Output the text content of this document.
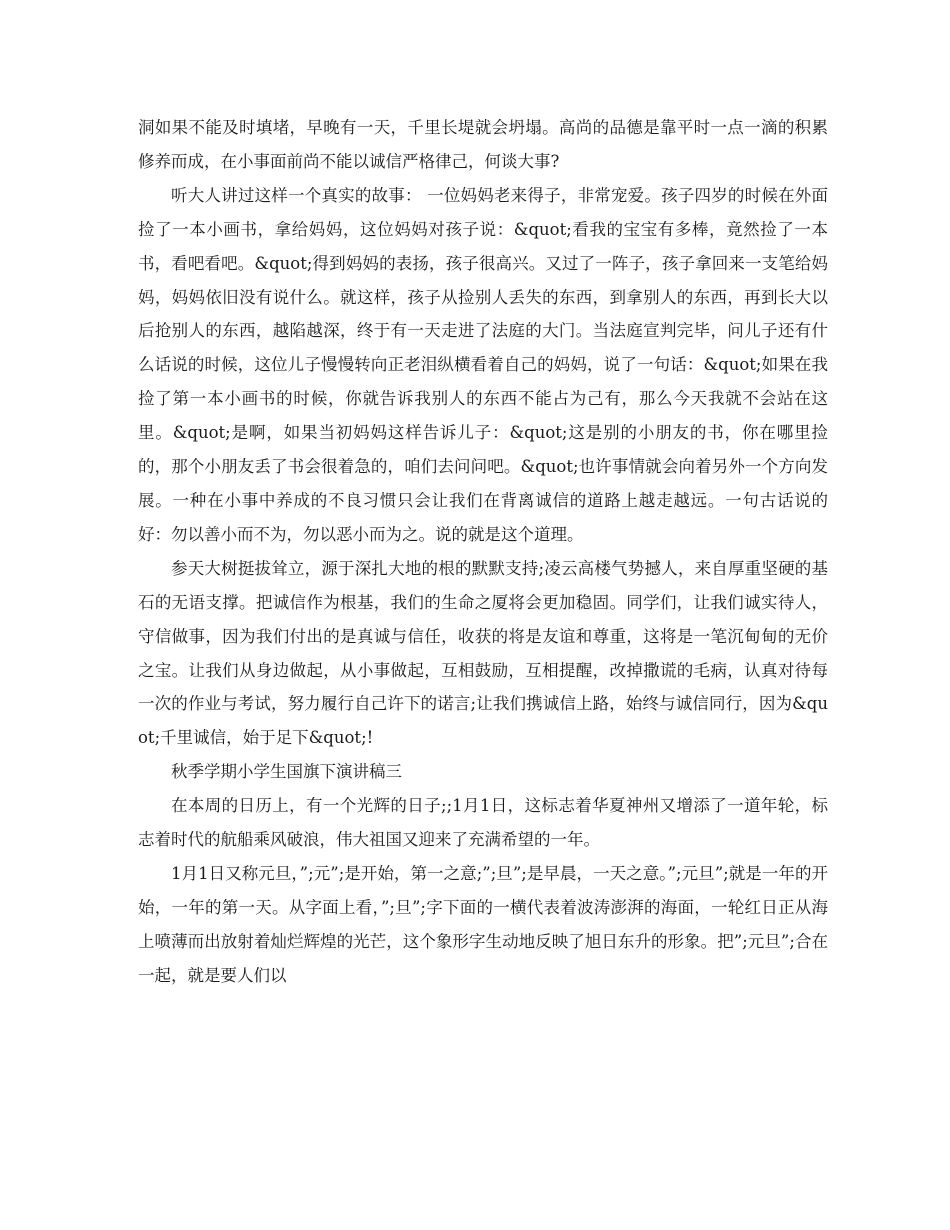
洞如果不能及时填堵，早晚有一天，千里长堤就会坍塌。高尚的品德是靠平时一点一滴的积累修养而成，在小事面前尚不能以诚信严格律己，何谈大事?

听大人讲过这样一个真实的故事： 一位妈妈老来得子，非常宠爱。孩子四岁的时候在外面捡了一本小画书，拿给妈妈，这位妈妈对孩子说：&quot;看我的宝宝有多棒，竟然捡了一本书，看吧看吧。&quot;得到妈妈的表扬，孩子很高兴。又过了一阵子，孩子拿回来一支笔给妈妈，妈妈依旧没有说什么。就这样，孩子从捡别人丢失的东西，到拿别人的东西，再到长大以后抢别人的东西，越陷越深，终于有一天走进了法庭的大门。当法庭宣判完毕，问儿子还有什么话说的时候，这位儿子慢慢转向正老泪纵横看着自己的妈妈，说了一句话：&quot;如果在我捡了第一本小画书的时候，你就告诉我别人的东西不能占为己有，那么今天我就不会站在这里。&quot;是啊，如果当初妈妈这样告诉儿子：&quot;这是别的小朋友的书，你在哪里捡的，那个小朋友丢了书会很着急的，咱们去问问吧。&quot;也许事情就会向着另外一个方向发展。一种在小事中养成的不良习惯只会让我们在背离诚信的道路上越走越远。一句古话说的好：勿以善小而不为，勿以恶小而为之。说的就是这个道理。

参天大树挺拔耸立，源于深扎大地的根的默默支持;凌云高楼气势撼人，来自厚重坚硬的基石的无语支撑。把诚信作为根基，我们的生命之厦将会更加稳固。同学们，让我们诚实待人，守信做事，因为我们付出的是真诚与信任，收获的将是友谊和尊重，这将是一笔沉甸甸的无价之宝。让我们从身边做起，从小事做起，互相鼓励，互相提醒，改掉撒谎的毛病，认真对待每一次的作业与考试，努力履行自己许下的诺言;让我们携诚信上路，始终与诚信同行，因为&quot;千里诚信，始于足下&quot;!

秋季学期小学生国旗下演讲稿三

在本周的日历上，有一个光辉的日子;;1月1日，这标志着华夏神州又增添了一道年轮，标志着时代的航船乘风破浪，伟大祖国又迎来了充满希望的一年。

1月1日又称元旦，”;元”;是开始，第一之意;”;旦”;是早晨，一天之意。”;元旦”;就是一年的开始，一年的第一天。从字面上看，”;旦”;字下面的一横代表着波涛澎湃的海面，一轮红日正从海上喷薄而出放射着灿烂辉煌的光芒，这个象形字生动地反映了旭日东升的形象。把”;元旦”;合在一起，就是要人们以
